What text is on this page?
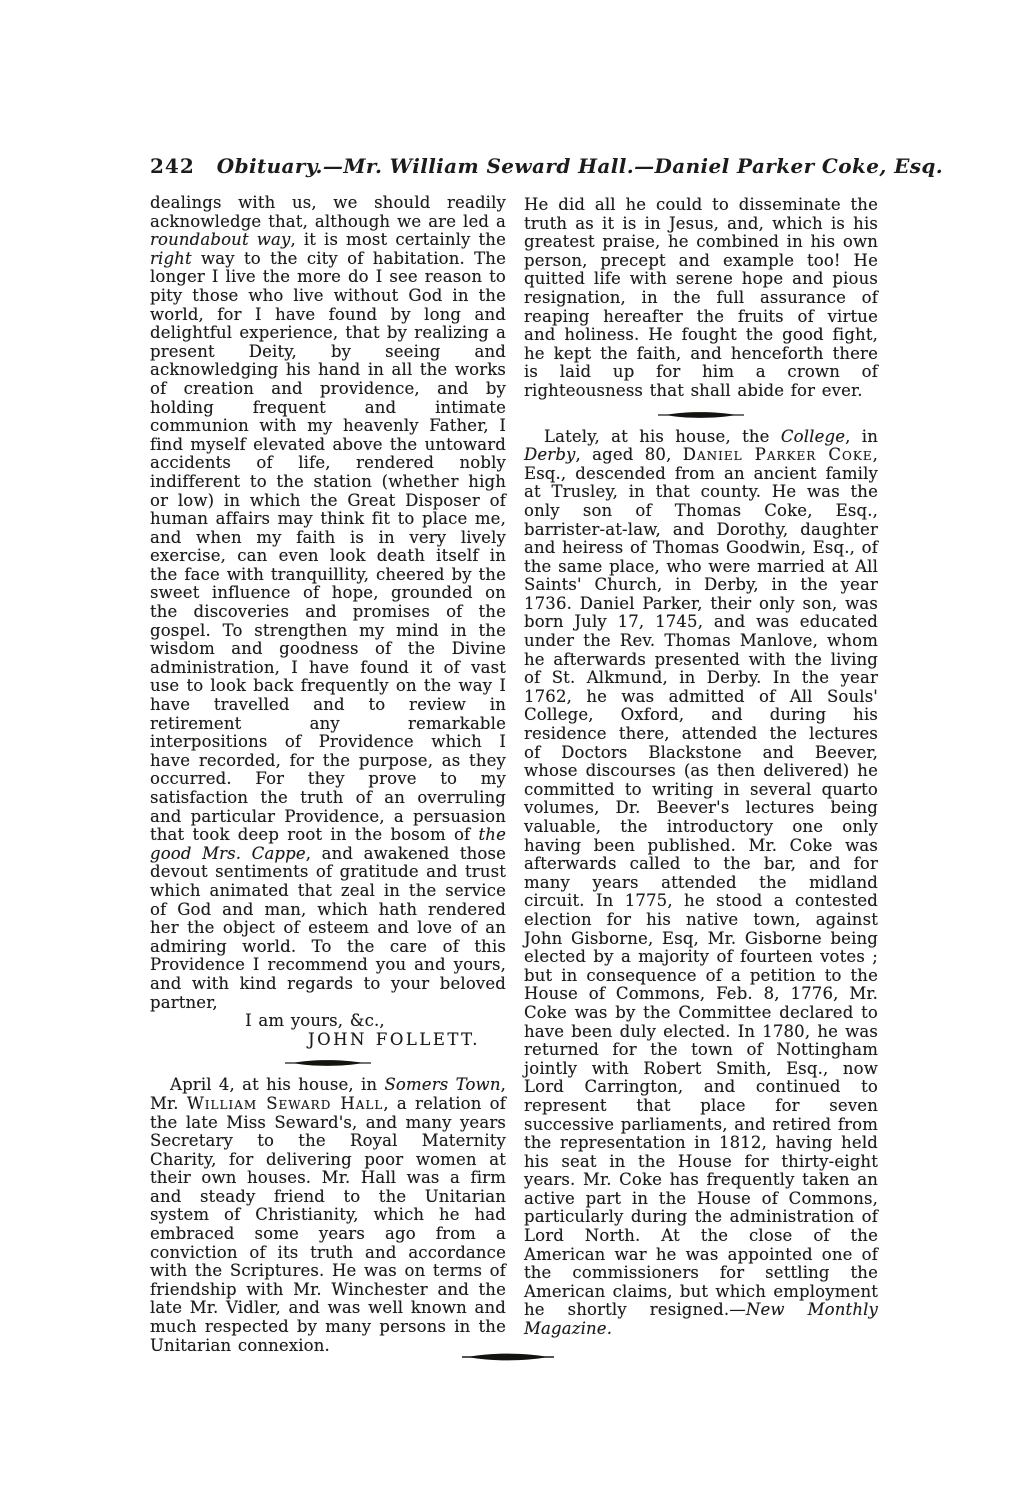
242 Obituary.—Mr. William Seward Hall.—Daniel Parker Coke, Esq.

dealings with us, we should readily acknowledge that, although we are led a roundabout way, it is most certainly the right way to the city of habitation. The longer I live the more do I see reason to pity those who live without God in the world, for I have found by long and delightful experience, that by realizing a present Deity, by seeing and acknowledging his hand in all the works of creation and providence, and by holding frequent and intimate communion with my heavenly Father, I find myself elevated above the untoward accidents of life, rendered nobly indifferent to the station (whether high or low) in which the Great Disposer of human affairs may think fit to place me, and when my faith is in very lively exercise, can even look death itself in the face with tranquillity, cheered by the sweet influence of hope, grounded on the discoveries and promises of the gospel. To strengthen my mind in the wisdom and goodness of the Divine administration, I have found it of vast use to look back frequently on the way I have travelled and to review in retirement any remarkable interpositions of Providence which I have recorded, for the purpose, as they occurred. For they prove to my satisfaction the truth of an overruling and particular Providence, a persuasion that took deep root in the bosom of the good Mrs. Cappe, and awakened those devout sentiments of gratitude and trust which animated that zeal in the service of God and man, which hath rendered her the object of esteem and love of an admiring world. To the care of this Providence I recommend you and yours, and with kind regards to your beloved partner,

I am yours, &c.,

JOHN FOLLETT.

April 4, at his house, in Somers Town, Mr. William Seward Hall, a relation of the late Miss Seward's, and many years Secretary to the Royal Maternity Charity, for delivering poor women at their own houses. Mr. Hall was a firm and steady friend to the Unitarian system of Christianity, which he had embraced some years ago from a conviction of its truth and accordance with the Scriptures. He was on terms of friendship with Mr. Winchester and the late Mr. Vidler, and was well known and much respected by many persons in the Unitarian connexion.

He did all he could to disseminate the truth as it is in Jesus, and, which is his greatest praise, he combined in his own person, precept and example too! He quitted life with serene hope and pious resignation, in the full assurance of reaping hereafter the fruits of virtue and holiness. He fought the good fight, he kept the faith, and henceforth there is laid up for him a crown of righteousness that shall abide for ever.

Lately, at his house, the College, in Derby, aged 80, Daniel Parker Coke, Esq., descended from an ancient family at Trusley, in that county. He was the only son of Thomas Coke, Esq., barrister-at-law, and Dorothy, daughter and heiress of Thomas Goodwin, Esq., of the same place, who were married at All Saints' Church, in Derby, in the year 1736. Daniel Parker, their only son, was born July 17, 1745, and was educated under the Rev. Thomas Manlove, whom he afterwards presented with the living of St. Alkmund, in Derby. In the year 1762, he was admitted of All Souls' College, Oxford, and during his residence there, attended the lectures of Doctors Blackstone and Beever, whose discourses (as then delivered) he committed to writing in several quarto volumes, Dr. Beever's lectures being valuable, the introductory one only having been published. Mr. Coke was afterwards called to the bar, and for many years attended the midland circuit. In 1775, he stood a contested election for his native town, against John Gisborne, Esq, Mr. Gisborne being elected by a majority of fourteen votes ; but in consequence of a petition to the House of Commons, Feb. 8, 1776, Mr. Coke was by the Committee declared to have been duly elected. In 1780, he was returned for the town of Nottingham jointly with Robert Smith, Esq., now Lord Carrington, and continued to represent that place for seven successive parliaments, and retired from the representation in 1812, having held his seat in the House for thirty-eight years. Mr. Coke has frequently taken an active part in the House of Commons, particularly during the administration of Lord North. At the close of the American war he was appointed one of the commissioners for settling the American claims, but which employment he shortly resigned.—New Monthly Magazine.
